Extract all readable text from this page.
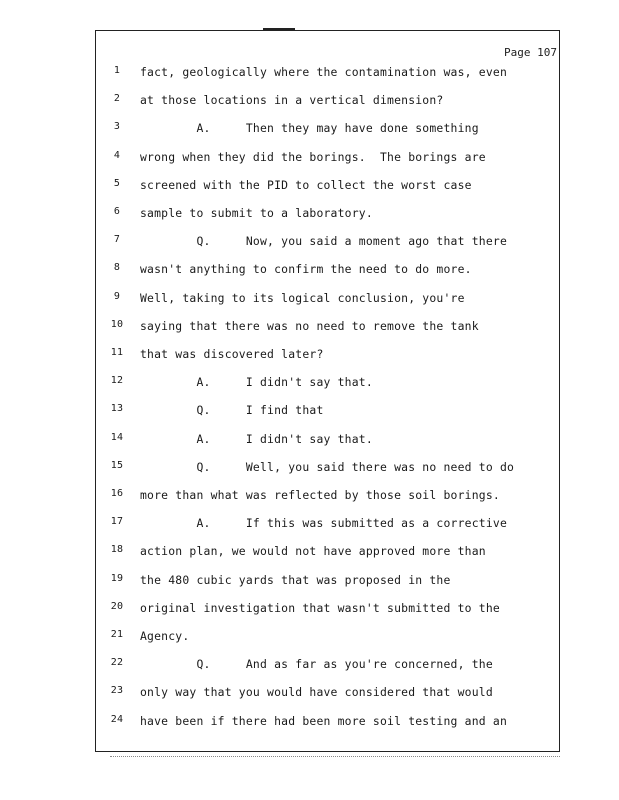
Page 107
1	fact, geologically where the contamination was, even
2	at those locations in a vertical dimension?
3	A.     Then they may have done something
4	wrong when they did the borings.  The borings are
5	screened with the PID to collect the worst case
6	sample to submit to a laboratory.
7	Q.     Now, you said a moment ago that there
8	wasn't anything to confirm the need to do more.
9	Well, taking to its logical conclusion, you're
10	saying that there was no need to remove the tank
11	that was discovered later?
12	A.     I didn't say that.
13	Q.     I find that
14	A.     I didn't say that.
15	Q.     Well, you said there was no need to do
16	more than what was reflected by those soil borings.
17	A.     If this was submitted as a corrective
18	action plan, we would not have approved more than
19	the 480 cubic yards that was proposed in the
20	original investigation that wasn't submitted to the
21	Agency.
22	Q.     And as far as you're concerned, the
23	only way that you would have considered that would
24	have been if there had been more soil testing and an
